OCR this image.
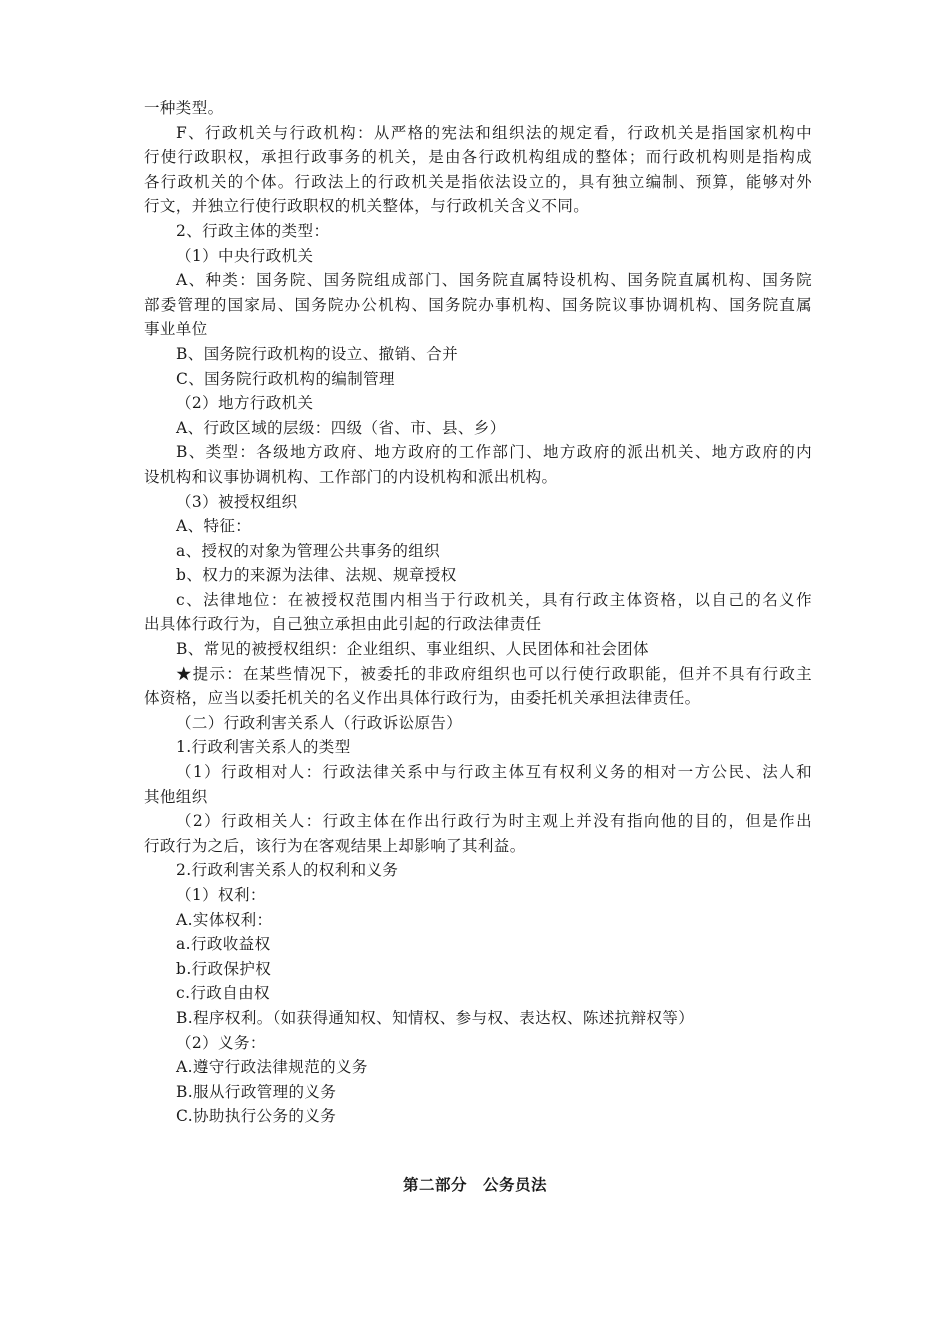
一种类型。
F、行政机关与行政机构：从严格的宪法和组织法的规定看，行政机关是指国家机构中
行使行政职权，承担行政事务的机关，是由各行政机构组成的整体；而行政机构则是指构成
各行政机关的个体。行政法上的行政机关是指依法设立的，具有独立编制、预算，能够对外
行文，并独立行使行政职权的机关整体，与行政机关含义不同。
2、行政主体的类型：
（1）中央行政机关
A、种类：国务院、国务院组成部门、国务院直属特设机构、国务院直属机构、国务院
部委管理的国家局、国务院办公机构、国务院办事机构、国务院议事协调机构、国务院直属
事业单位
B、国务院行政机构的设立、撤销、合并
C、国务院行政机构的编制管理
（2）地方行政机关
A、行政区域的层级：四级（省、市、县、乡）
B、类型：各级地方政府、地方政府的工作部门、地方政府的派出机关、地方政府的内
设机构和议事协调机构、工作部门的内设机构和派出机构。
（3）被授权组织
A、特征：
a、授权的对象为管理公共事务的组织
b、权力的来源为法律、法规、规章授权
c、法律地位：在被授权范围内相当于行政机关，具有行政主体资格，以自己的名义作
出具体行政行为，自己独立承担由此引起的行政法律责任
B、常见的被授权组织：企业组织、事业组织、人民团体和社会团体
★提示：在某些情况下，被委托的非政府组织也可以行使行政职能，但并不具有行政主
体资格，应当以委托机关的名义作出具体行政行为，由委托机关承担法律责任。
（二）行政利害关系人（行政诉讼原告）
1.行政利害关系人的类型
（1）行政相对人：行政法律关系中与行政主体互有权利义务的相对一方公民、法人和
其他组织
（2）行政相关人：行政主体在作出行政行为时主观上并没有指向他的目的，但是作出
行政行为之后，该行为在客观结果上却影响了其利益。
2.行政利害关系人的权利和义务
（1）权利：
A.实体权利：
a.行政收益权
b.行政保护权
c.行政自由权
B.程序权利。（如获得通知权、知情权、参与权、表达权、陈述抗辩权等）
（2）义务：
A.遵守行政法律规范的义务
B.服从行政管理的义务
C.协助执行公务的义务
第二部分　公务员法
